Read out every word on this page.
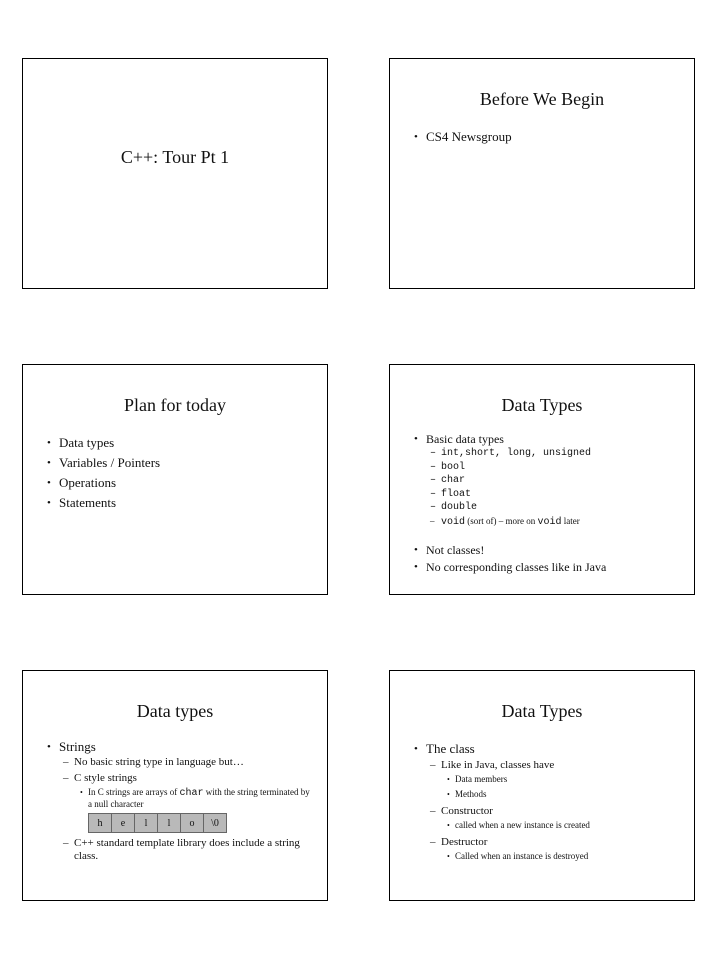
C++: Tour Pt 1
Before We Begin
• CS4 Newsgroup
Plan for today
• Data types
• Variables / Pointers
• Operations
• Statements
Data Types
• Basic data types
– int,short, long, unsigned
– bool
– char
– float
– double
– void (sort of) – more on void later
• Not classes!
• No corresponding classes like in Java
Data types
• Strings
– No basic string type in language but…
– C style strings
• In C strings are arrays of char with the string terminated by a null character
h	e	l	l	o	\0
– C++ standard template library does include a string class.
Data Types
• The class
– Like in Java, classes have
• Data members
• Methods
– Constructor
• called when a new instance is created
– Destructor
• Called when an instance is destroyed
